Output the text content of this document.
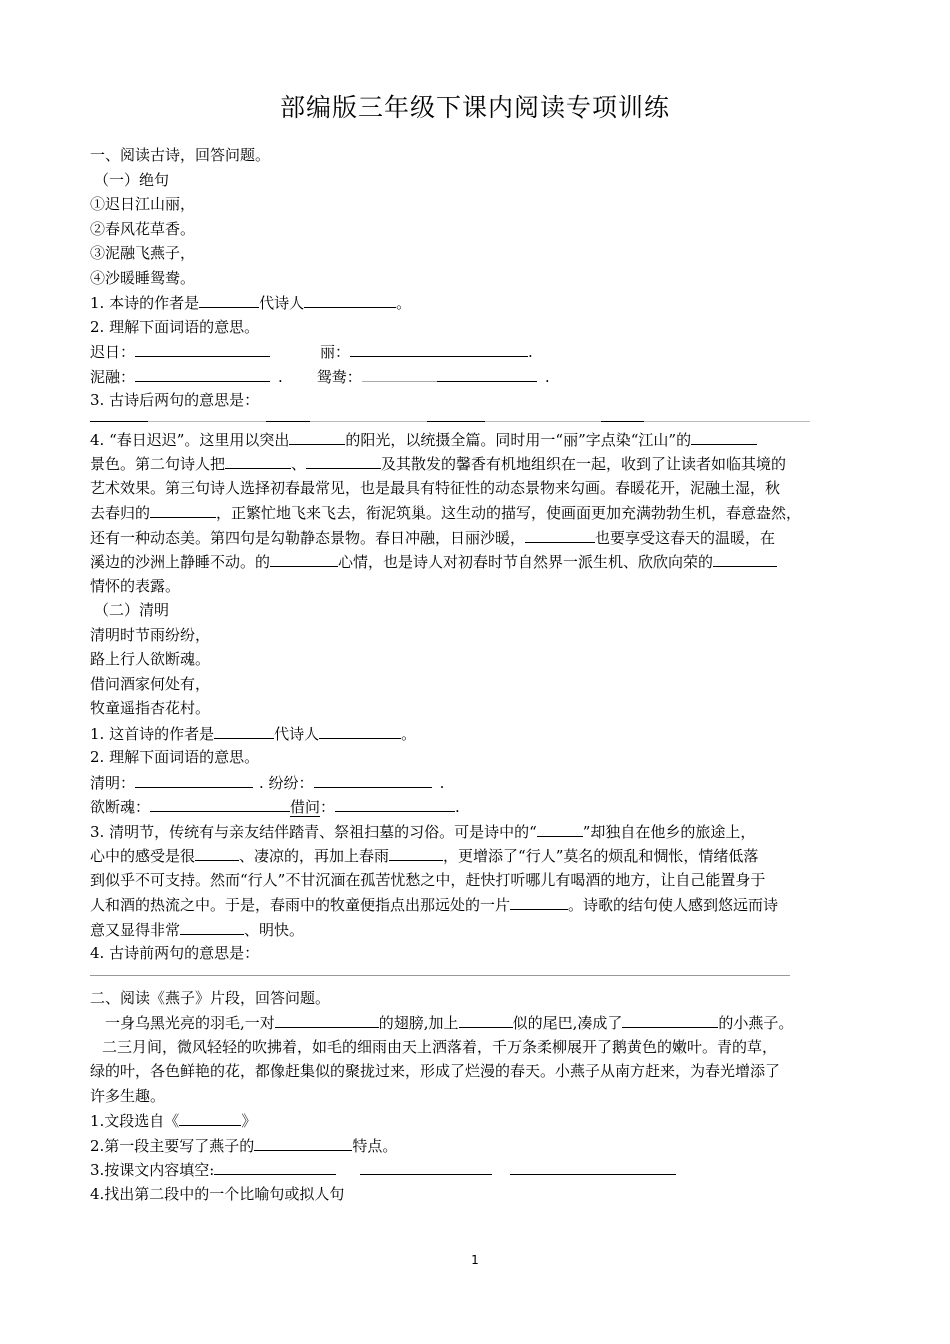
部编版三年级下课内阅读专项训练
一、阅读古诗，回答问题。
（一）绝句
①迟日江山丽，
②春风花草香。
③泥融飞燕子，
④沙暖睡鸳鸯。
1. 本诗的作者是	代诗人	。
2. 理解下面词语的意思。
迟日：	丽：	.
泥融：	. 鸳鸯：	.
3. 古诗后两句的意思是：
4. “春日迟迟”。这里用以突出	的阳光，以统摄全篇。同时用一“丽”字点染“江山”的
景色。第二句诗人把	、	及其散发的馨香有机地组织在一起，收到了让读者如临其境的
艺术效果。第三句诗人选择初春最常见，也是最具有特征性的动态景物来勾画。春暖花开，泥融土湿，秋
去春归的	，正繁忙地飞来飞去，衔泥筑巢。这生动的描写，使画面更加充满勃勃生机，春意盎然，
还有一种动态美。第四句是勾勒静态景物。春日冲融，日丽沙暖，	也要享受这春天的温暖，在
溪边的沙洲上静睡不动。的	心情，也是诗人对初春时节自然界一派生机、欣欣向荣的
情怀的表露。
（二）清明
清明时节雨纷纷，
路上行人欲断魂。
借问酒家何处有，
牧童遥指杏花村。
1. 这首诗的作者是	代诗人	。
2. 理解下面词语的意思。
清明：	. 纷纷：	.
欲断魂：	借问：	.
3. 清明节，传统有与亲友结伴踏青、祭祖扫墓的习俗。可是诗中的“	”却独自在他乡的旅途上，
心中的感受是很	、凄凉的，再加上春雨	，更增添了“行人”莫名的烦乱和惆怅，情绪低落
到似乎不可支持。然而“行人”不甘沉湎在孤苦忧愁之中，赶快打听哪儿有喝酒的地方，让自己能置身于
人和酒的热流之中。于是，春雨中的牧童便指点出那远处的一片	。诗歌的结句使人感到悠远而诗
意又显得非常	、明快。
4. 古诗前两句的意思是：
二、阅读《燕子》片段，回答问题。
一身乌黑光亮的羽毛,一对	的翅膀,加上	似的尾巴,凑成了	的小燕子。
二三月间，微风轻轻的吹拂着，如毛的细雨由天上洒落着，千万条柔柳展开了鹅黄色的嫩叶。青的草，
绿的叶，各色鲜艳的花，都像赶集似的聚拢过来，形成了烂漫的春天。小燕子从南方赶来，为春光增添了
许多生趣。
1.文段选自《	》
2.第一段主要写了燕子的	特点。
3.按课文内容填空:
4.找出第二段中的一个比喻句或拟人句
1
